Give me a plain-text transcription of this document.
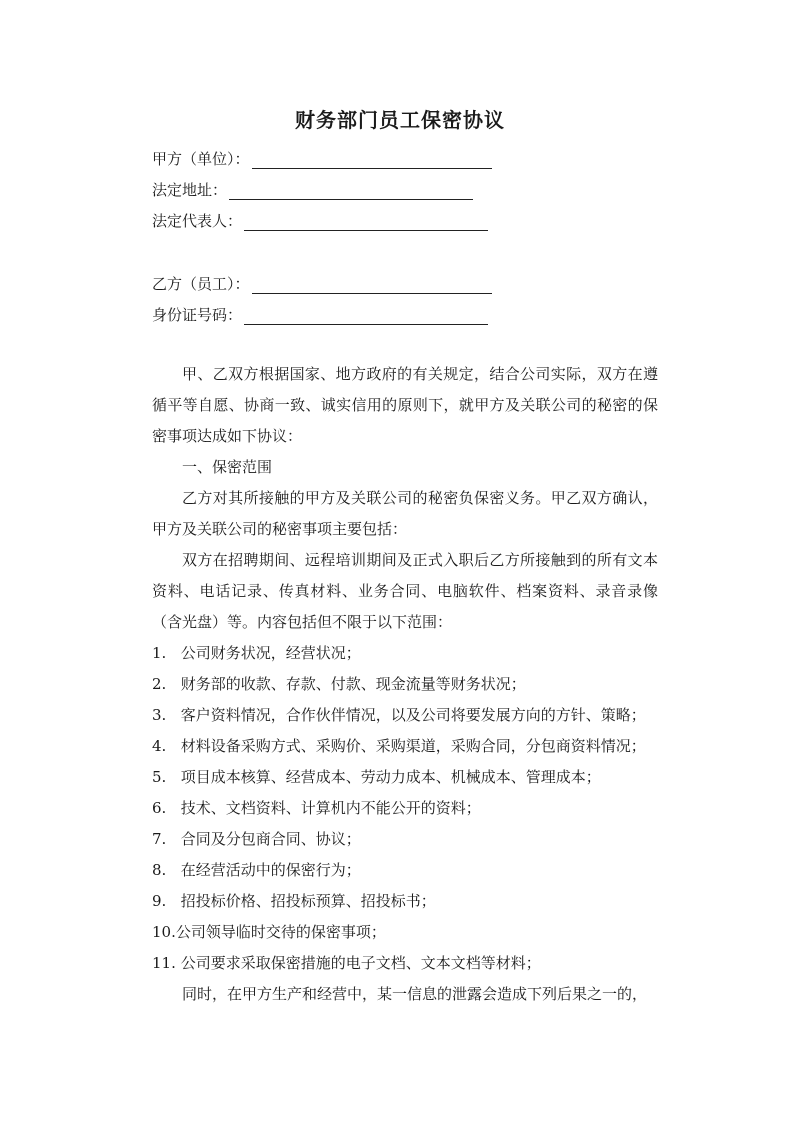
财务部门员工保密协议
甲方（单位）：
法定地址：
法定代表人：
乙方（员工）：
身份证号码：

甲、乙双方根据国家、地方政府的有关规定，结合公司实际，双方在遵循平等自愿、协商一致、诚实信用的原则下，就甲方及关联公司的秘密的保密事项达成如下协议：

一、保密范围

乙方对其所接触的甲方及关联公司的秘密负保密义务。甲乙双方确认，甲方及关联公司的秘密事项主要包括：

双方在招聘期间、远程培训期间及正式入职后乙方所接触到的所有文本资料、电话记录、传真材料、业务合同、电脑软件、档案资料、录音录像（含光盘）等。内容包括但不限于以下范围：

1. 公司财务状况，经营状况；
2. 财务部的收款、存款、付款、现金流量等财务状况；
3. 客户资料情况，合作伙伴情况，以及公司将要发展方向的方针、策略；
4. 材料设备采购方式、采购价、采购渠道，采购合同，分包商资料情况；
5. 项目成本核算、经营成本、劳动力成本、机械成本、管理成本；
6. 技术、文档资料、计算机内不能公开的资料；
7. 合同及分包商合同、协议；
8. 在经营活动中的保密行为；
9. 招投标价格、招投标预算、招投标书；
10.公司领导临时交待的保密事项；
11. 公司要求采取保密措施的电子文档、文本文档等材料；

同时，在甲方生产和经营中，某一信息的泄露会造成下列后果之一的，
